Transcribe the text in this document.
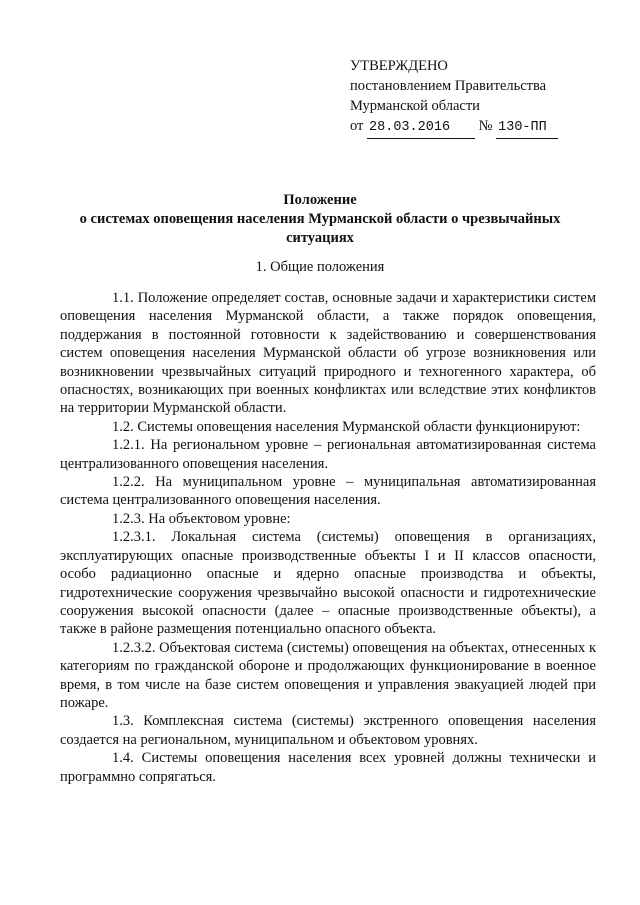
УТВЕРЖДЕНО
постановлением Правительства
Мурманской области
от 28.03.2016 № 130-ПП
Положение
о системах оповещения населения Мурманской области о чрезвычайных
ситуациях
1. Общие положения

1.1. Положение определяет состав, основные задачи и характеристики систем оповещения населения Мурманской области, а также порядок оповещения, поддержания в постоянной готовности к задействованию и совершенствования систем оповещения населения Мурманской области об угрозе возникновения или возникновении чрезвычайных ситуаций природного и техногенного характера, об опасностях, возникающих при военных конфликтах или вследствие этих конфликтов на территории Мурманской области.

1.2. Системы оповещения населения Мурманской области функционируют:

1.2.1. На региональном уровне – региональная автоматизированная система централизованного оповещения населения.

1.2.2. На муниципальном уровне – муниципальная автоматизированная система централизованного оповещения населения.

1.2.3. На объектовом уровне:

1.2.3.1. Локальная система (системы) оповещения в организациях, эксплуатирующих опасные производственные объекты I и II классов опасности, особо радиационно опасные и ядерно опасные производства и объекты, гидротехнические сооружения чрезвычайно высокой опасности и гидротехнические сооружения высокой опасности (далее – опасные производственные объекты), а также в районе размещения потенциально опасного объекта.

1.2.3.2. Объектовая система (системы) оповещения на объектах, отнесенных к категориям по гражданской обороне и продолжающих функционирование в военное время, в том числе на базе систем оповещения и управления эвакуацией людей при пожаре.

1.3. Комплексная система (системы) экстренного оповещения населения создается на региональном, муниципальном и объектовом уровнях.

1.4. Системы оповещения населения всех уровней должны технически и программно сопрягаться.
